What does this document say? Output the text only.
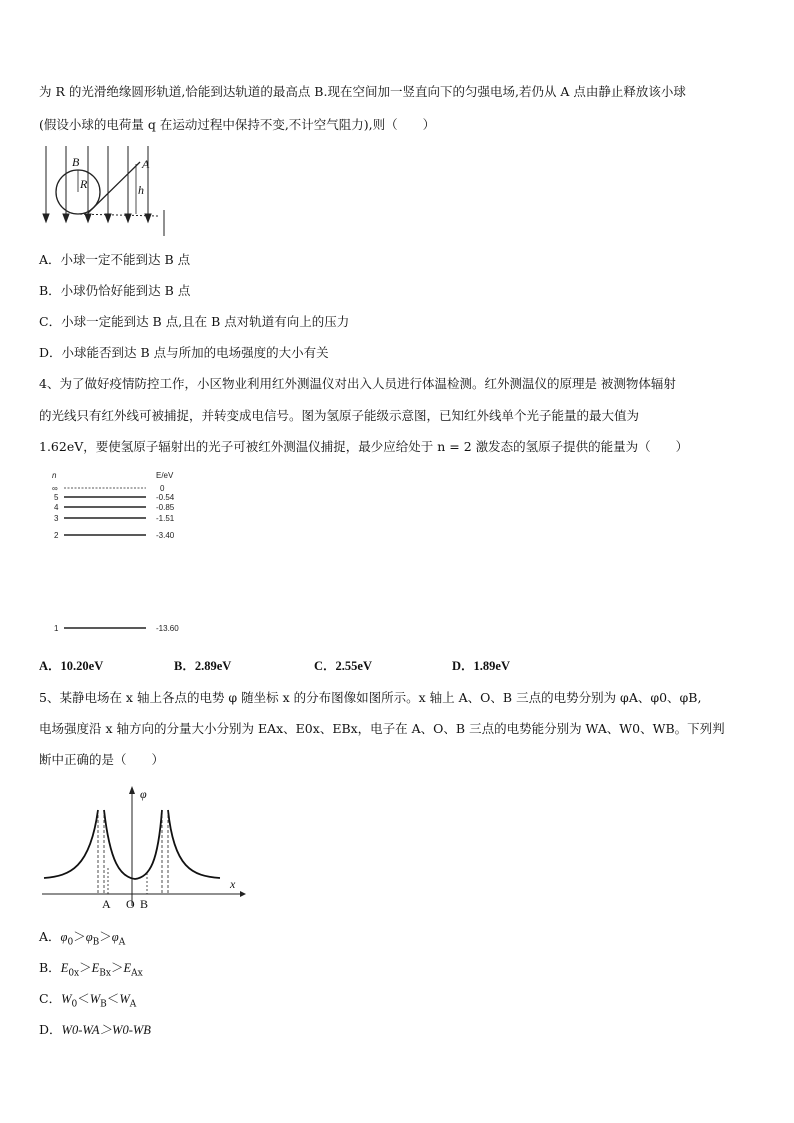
为 R 的光滑绝缘圆形轨道,恰能到达轨道的最高点 B.现在空间加一竖直向下的匀强电场,若仍从 A 点由静止释放该小球
(假设小球的电荷量 q 在运动过程中保持不变,不计空气阻力),则（　　）
B
R
A
h
A．小球一定不能到达 B 点
B．小球仍恰好能到达 B 点
C．小球一定能到达 B 点,且在 B 点对轨道有向上的压力
D．小球能否到达 B 点与所加的电场强度的大小有关
4、为了做好疫情防控工作，小区物业利用红外测温仪对出入人员进行体温检测。红外测温仪的原理是 被测物体辐射
的光线只有红外线可被捕捉，并转变成电信号。图为氢原子能级示意图，已知红外线单个光子能量的最大值为
1.62eV，要使氢原子辐射出的光子可被红外测温仪捕捉，最少应给处于 n = 2 激发态的氢原子提供的能量为（　　）
n	E/eV
∞	0
5	-0.54
4	-0.85
3	-1.51
2	-3.40
1	-13.60
A．10.20eV	B．2.89eV	C．2.55eV	D．1.89eV
5、某静电场在 x 轴上各点的电势 φ 随坐标 x 的分布图像如图所示。x 轴上 A、O、B 三点的电势分别为 φA、φ0、φB,
电场强度沿 x 轴方向的分量大小分别为 EAx、E0x、EBx，电子在 A、O、B 三点的电势能分别为 WA、W0、WB。下列判
断中正确的是（　　）
φ
x
A O B
A．$\varphi_0>\varphi_B>\varphi_A$
B．$E_{0x}>E_{Bx}>E_{Ax}$
C．$W_0<W_B<W_A$
D．W0-WA＞W0-WB
